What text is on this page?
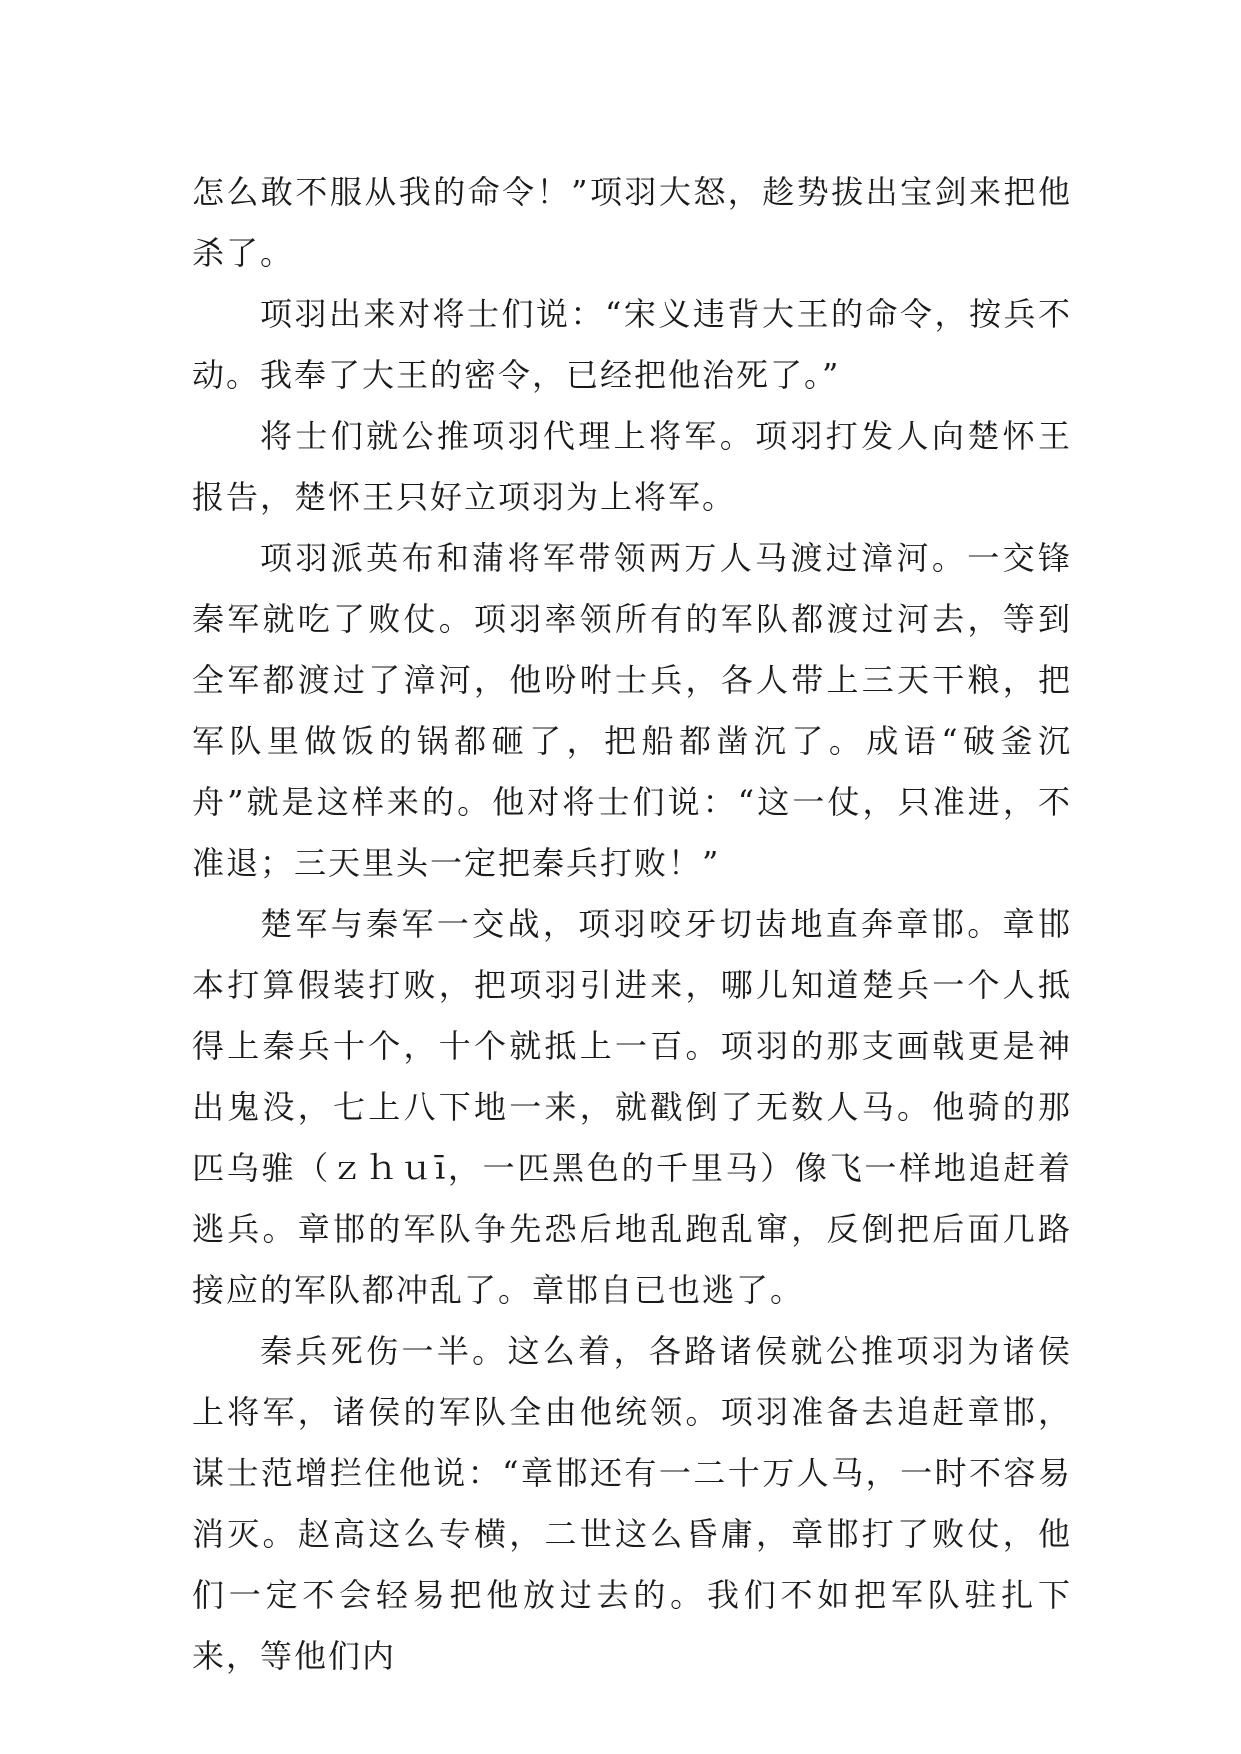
怎么敢不服从我的命令！”项羽大怒，趁势拔出宝剑来把他杀了。

项羽出来对将士们说：“宋义违背大王的命令，按兵不动。我奉了大王的密令，已经把他治死了。”

将士们就公推项羽代理上将军。项羽打发人向楚怀王报告，楚怀王只好立项羽为上将军。

项羽派英布和蒲将军带领两万人马渡过漳河。一交锋秦军就吃了败仗。项羽率领所有的军队都渡过河去，等到全军都渡过了漳河，他吩咐士兵，各人带上三天干粮，把军队里做饭的锅都砸了，把船都凿沉了。成语“破釜沉舟”就是这样来的。他对将士们说：“这一仗，只准进，不准退；三天里头一定把秦兵打败！”

楚军与秦军一交战，项羽咬牙切齿地直奔章邯。章邯本打算假装打败，把项羽引进来，哪儿知道楚兵一个人抵得上秦兵十个，十个就抵上一百。项羽的那支画戟更是神出鬼没，七上八下地一来，就戳倒了无数人马。他骑的那匹乌骓（ｚｈｕī，一匹黑色的千里马）像飞一样地追赶着逃兵。章邯的军队争先恐后地乱跑乱窜，反倒把后面几路接应的军队都冲乱了。章邯自已也逃了。

秦兵死伤一半。这么着，各路诸侯就公推项羽为诸侯上将军，诸侯的军队全由他统领。项羽准备去追赶章邯，谋士范增拦住他说：“章邯还有一二十万人马，一时不容易消灭。赵高这么专横，二世这么昏庸，章邯打了败仗，他们一定不会轻易把他放过去的。我们不如把军队驻扎下来，等他们内
